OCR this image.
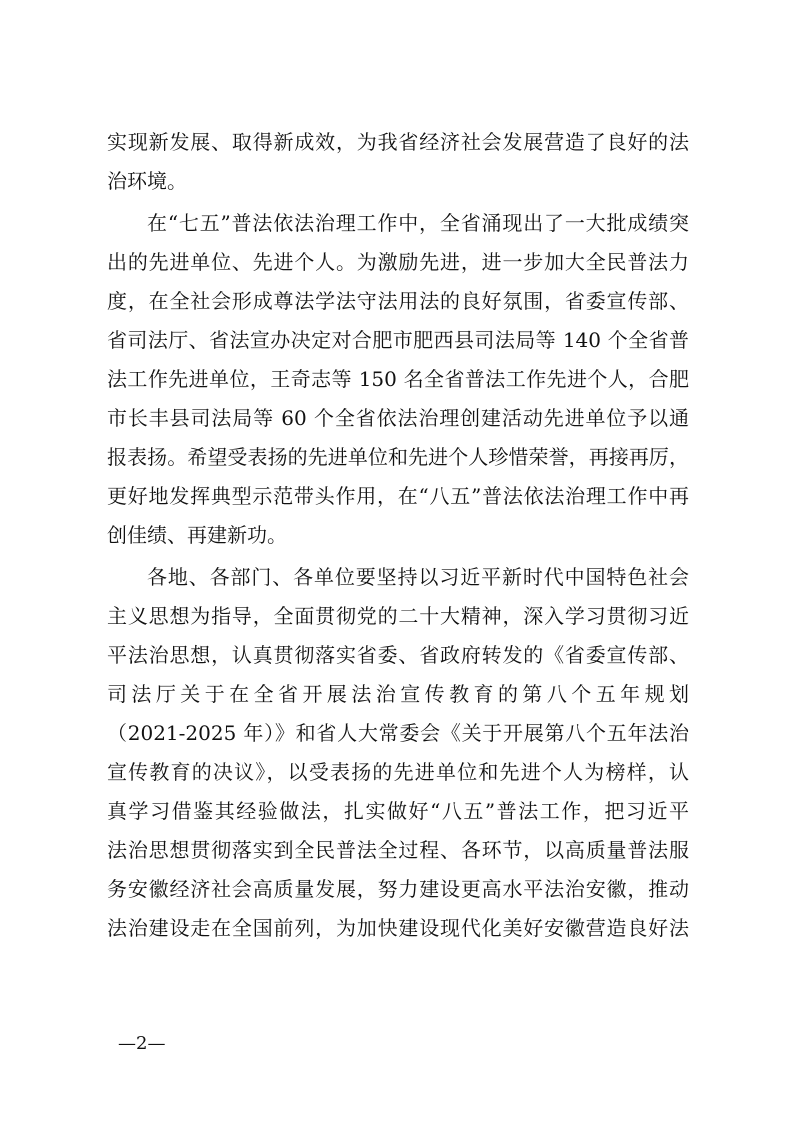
实现新发展、取得新成效，为我省经济社会发展营造了良好的法
治环境。
在“七五”普法依法治理工作中，全省涌现出了一大批成绩突
出的先进单位、先进个人。为激励先进，进一步加大全民普法力
度，在全社会形成尊法学法守法用法的良好氛围，省委宣传部、
省司法厅、省法宣办决定对合肥市肥西县司法局等 140 个全省普
法工作先进单位，王奇志等 150 名全省普法工作先进个人，合肥
市长丰县司法局等 60 个全省依法治理创建活动先进单位予以通
报表扬。希望受表扬的先进单位和先进个人珍惜荣誉，再接再厉，
更好地发挥典型示范带头作用，在“八五”普法依法治理工作中再
创佳绩、再建新功。
各地、各部门、各单位要坚持以习近平新时代中国特色社会
主义思想为指导，全面贯彻党的二十大精神，深入学习贯彻习近
平法治思想，认真贯彻落实省委、省政府转发的《省委宣传部、
司法厅关于在全省开展法治宣传教育的第八个五年规划
（2021-2025 年）》和省人大常委会《关于开展第八个五年法治
宣传教育的决议》，以受表扬的先进单位和先进个人为榜样，认
真学习借鉴其经验做法，扎实做好“八五”普法工作，把习近平
法治思想贯彻落实到全民普法全过程、各环节，以高质量普法服
务安徽经济社会高质量发展，努力建设更高水平法治安徽，推动
法治建设走在全国前列，为加快建设现代化美好安徽营造良好法
—2—
